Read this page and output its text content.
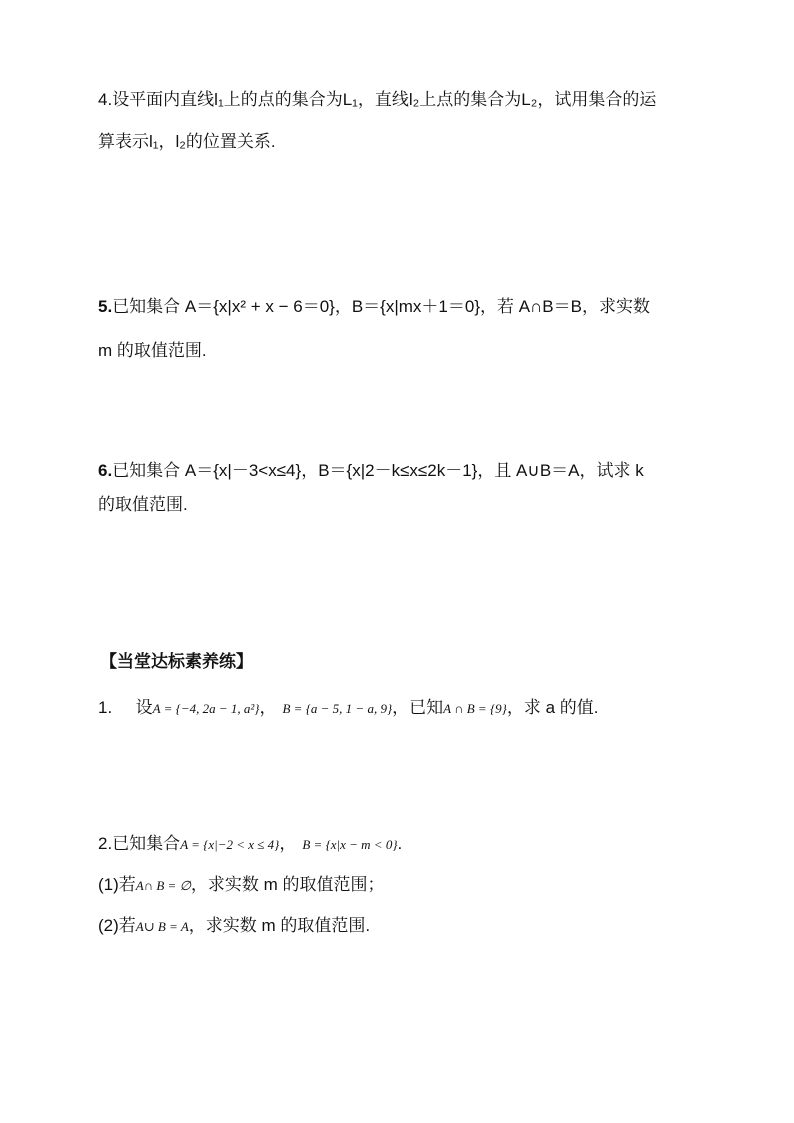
4.设平面内直线l₁上的点的集合为L₁，直线l₂上点的集合为L₂，试用集合的运
算表示l₁，l₂的位置关系.
5.已知集合 A＝{x|x² + x − 6＝0}，B＝{x|mx＋1＝0}，若 A∩B＝B，求实数
m 的取值范围.
6.已知集合 A＝{x|－3<x≤4}，B＝{x|2－k≤x≤2k－1}，且 A∪B＝A，试求 k
的取值范围.
【当堂达标素养练】
1. 设A = {−4, 2a − 1, a²}， B = {a − 5, 1 − a, 9}，已知A ∩ B = {9}，求 a 的值.
2.已知集合A = {x|−2 < x ≤ 4}， B = {x|x − m < 0}.
(1)若A∩ B = ∅，求实数 m 的取值范围；
(2)若A∪ B = A，求实数 m 的取值范围.
